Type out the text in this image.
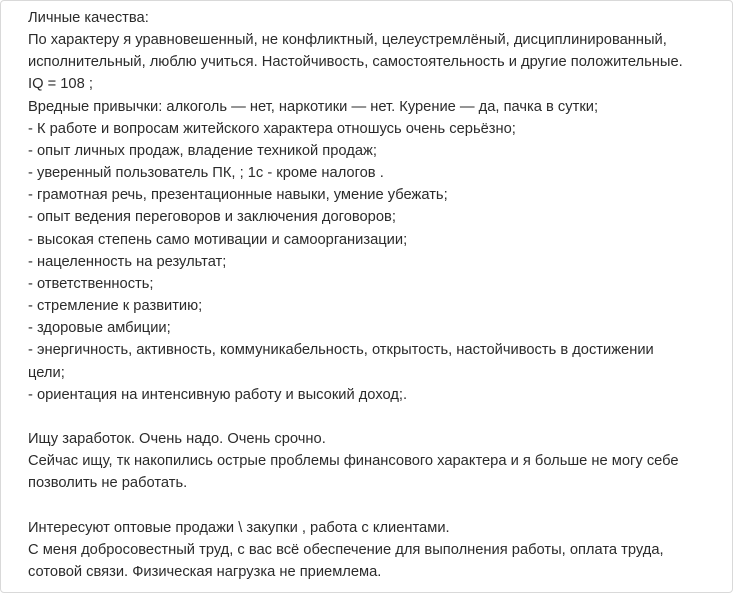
Личные качества:
По характеру я уравновешенный, не конфликтный, целеустремлёный, дисциплинированный,
исполнительный, люблю учиться. Настойчивость, самостоятельность и другие положительные.
IQ = 108 ;
Вредные привычки: алкоголь — нет, наркотики — нет. Курение — да, пачка в сутки;
- К работе и вопросам житейского характера отношусь очень серьёзно;
- опыт личных продаж, владение техникой продаж;
- уверенный пользователь ПК, ; 1с - кроме налогов .
- грамотная речь, презентационные навыки, умение убежать;
- опыт ведения переговоров и заключения договоров;
- высокая степень само мотивации и самоорганизации;
- нацеленность на результат;
- ответственность;
- стремление к развитию;
- здоровые амбиции;
- энергичность, активность, коммуникабельность, открытость, настойчивость в достижении
цели;
- ориентация на интенсивную работу и высокий доход;.
Ищу заработок. Очень надо. Очень срочно.
Сейчас ищу, тк накопились острые проблемы финансового характера и я больше не могу себе
позволить не работать.
Интересуют оптовые продажи \ закупки , работа с клиентами.
С меня добросовестный труд, с вас всё обеспечение для выполнения работы, оплата труда,
сотовой связи. Физическая нагрузка не приемлема.
